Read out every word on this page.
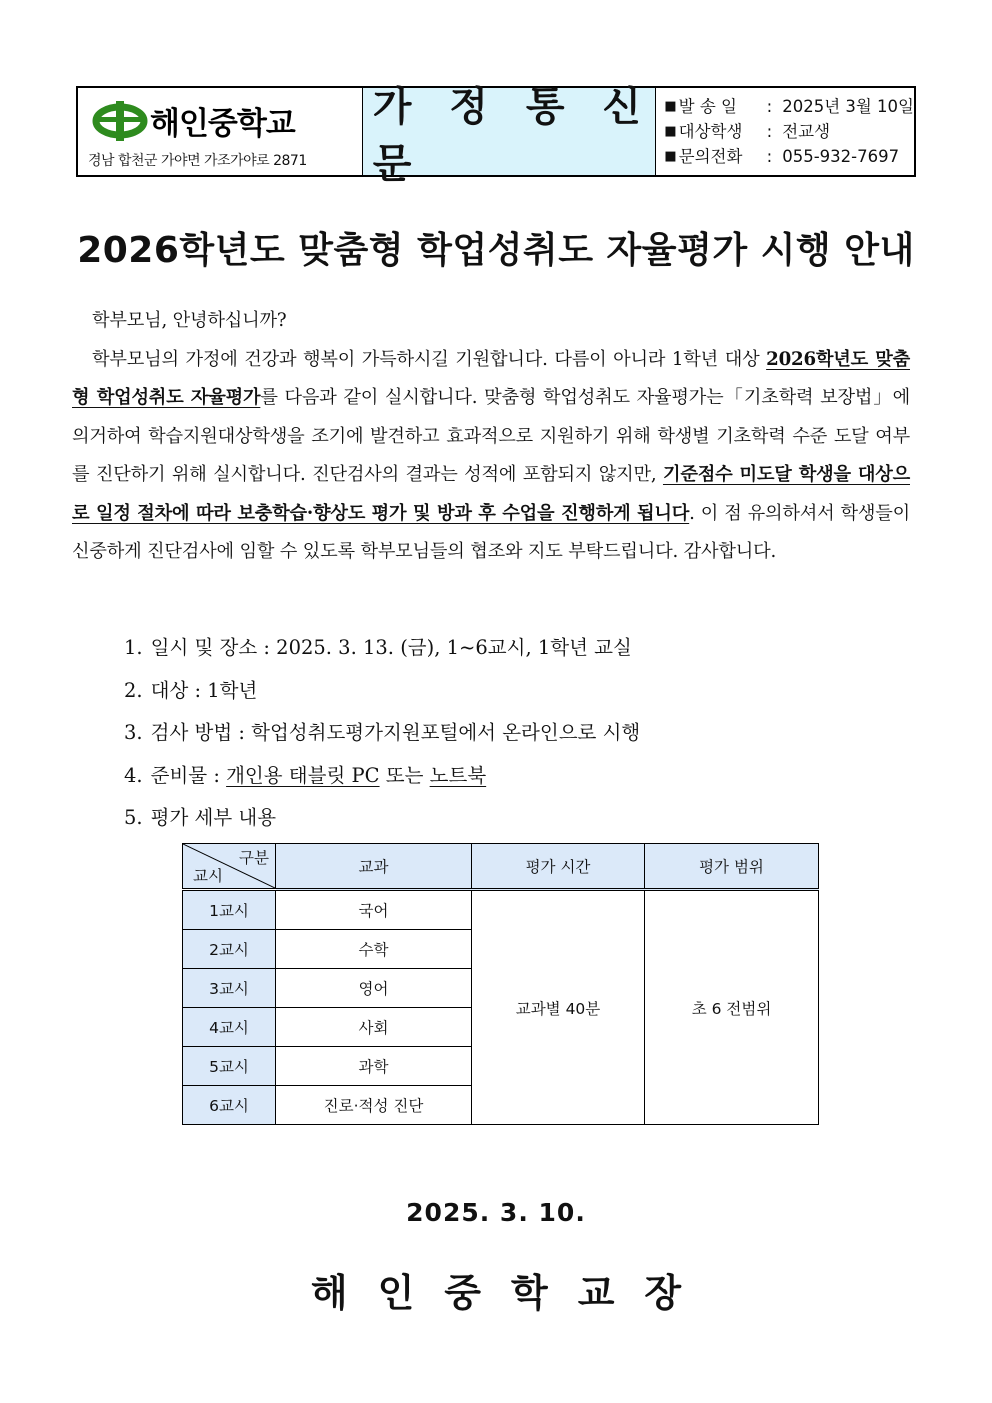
해인중학교
경남 합천군 가야면 가조가야로 2871
가 정 통 신 문
■ 발 송 일	: 2025년 3월 10일
■ 대상학생	: 전교생
■ 문의전화	: 055-932-7697
2026학년도 맞춤형 학업성취도 자율평가 시행 안내

학부모님, 안녕하십니까?

학부모님의 가정에 건강과 행복이 가득하시길 기원합니다. 다름이 아니라 1학년 대상 2026학년도 맞춤형 학업성취도 자율평가를 다음과 같이 실시합니다. 맞춤형 학업성취도 자율평가는「기초학력 보장법」에 의거하여 학습지원대상학생을 조기에 발견하고 효과적으로 지원하기 위해 학생별 기초학력 수준 도달 여부를 진단하기 위해 실시합니다. 진단검사의 결과는 성적에 포함되지 않지만, 기준점수 미도달 학생을 대상으로 일정 절차에 따라 보충학습·향상도 평가 및 방과 후 수업을 진행하게 됩니다. 이 점 유의하셔서 학생들이 신중하게 진단검사에 임할 수 있도록 학부모님들의 협조와 지도 부탁드립니다. 감사합니다.

1. 일시 및 장소 : 2025. 3. 13. (금), 1~6교시, 1학년 교실
2. 대상 : 1학년
3. 검사 방법 : 학업성취도평가지원포털에서 온라인으로 시행
4. 준비물 : 개인용 태블릿 PC 또는 노트북
5. 평가 세부 내용
구분
교시	교과	평가 시간	평가 범위
1교시	국어	교과별 40분	초 6 전범위
2교시	수학		
3교시	영어		
4교시	사회		
5교시	과학		
6교시	진로·적성 진단		
2025. 3. 10.
해인중학교장
